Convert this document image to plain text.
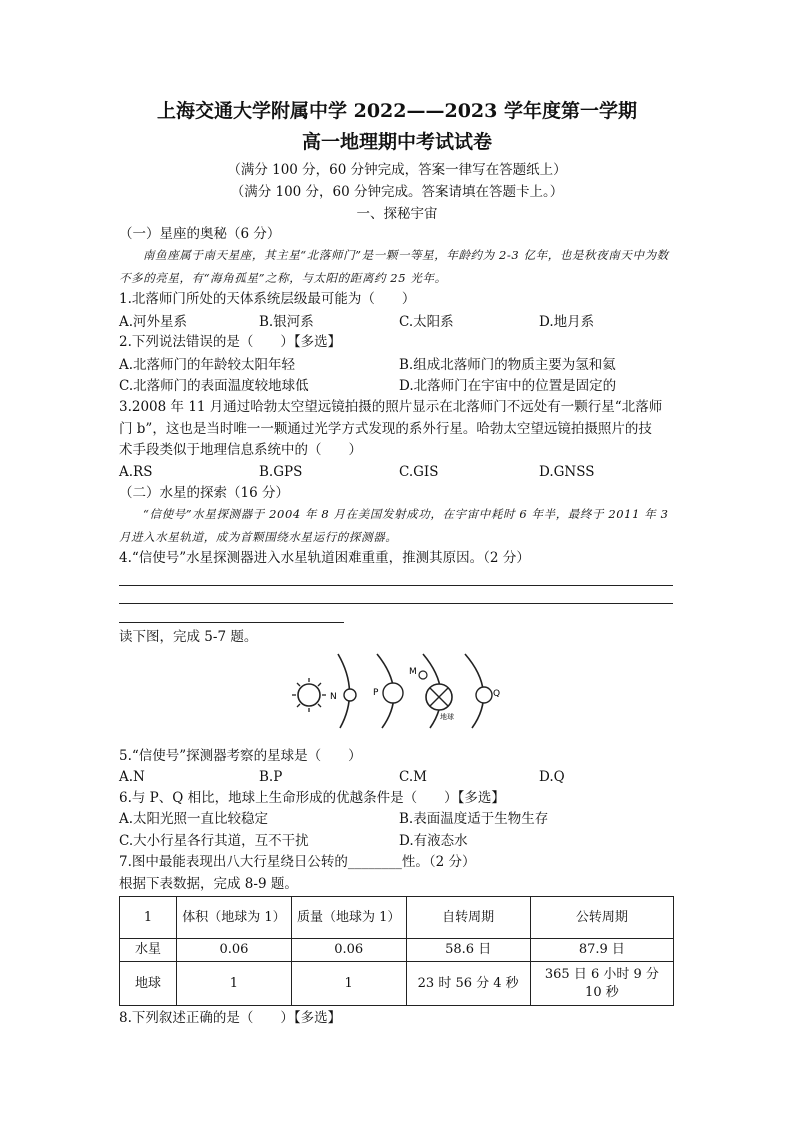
上海交通大学附属中学 2022——2023 学年度第一学期
高一地理期中考试试卷
（满分 100 分，60 分钟完成，答案一律写在答题纸上）
（满分 100 分，60 分钟完成。答案请填在答题卡上。）
一、探秘宇宙
（一）星座的奥秘（6 分）
南鱼座属于南天星座，其主星“北落师门”是一颗一等星，年龄约为 2-3 亿年，也是秋夜南天中为数不多的亮星，有“海角孤星”之称，与太阳的距离约 25 光年。
1.北落师门所处的天体系统层级最可能为（　　）
A.河外星系	B.银河系	C.太阳系	D.地月系
2.下列说法错误的是（　　）【多选】
A.北落师门的年龄较太阳年轻	B.组成北落师门的物质主要为氢和氦
C.北落师门的表面温度较地球低	D.北落师门在宇宙中的位置是固定的
3.2008 年 11 月通过哈勃太空望远镜拍摄的照片显示在北落师门不远处有一颗行星“北落师
门 b”，这也是当时唯一一颗通过光学方式发现的系外行星。哈勃太空望远镜拍摄照片的技
术手段类似于地理信息系统中的（　　）
A.RS	B.GPS	C.GIS	D.GNSS
（二）水星的探索（16 分）
“信使号”水星探测器于 2004 年 8 月在美国发射成功，在宇宙中耗时 6 年半，最终于 2011 年 3 月进入水星轨道，成为首颗围绕水星运行的探测器。
4.“信使号”水星探测器进入水星轨道困难重重，推测其原因。（2 分）
读下图，完成 5-7 题。
N	P
M
地球
Q
5.“信使号”探测器考察的星球是（　　）
A.N	B.P	C.M	D.Q
6.与 P、Q 相比，地球上生命形成的优越条件是（　　）【多选】
A.太阳光照一直比较稳定	B.表面温度适于生物生存
C.大小行星各行其道，互不干扰	D.有液态水
7.图中最能表现出八大行星绕日公转的________性。（2 分）
根据下表数据，完成 8-9 题。
1	体积（地球为 1）	质量（地球为 1）	自转周期	公转周期
水星	0.06	0.06	58.6 日	87.9 日
地球	1	1	23 时 56 分 4 秒	365 日 6 小时 9 分 10 秒
8.下列叙述正确的是（　　）【多选】
